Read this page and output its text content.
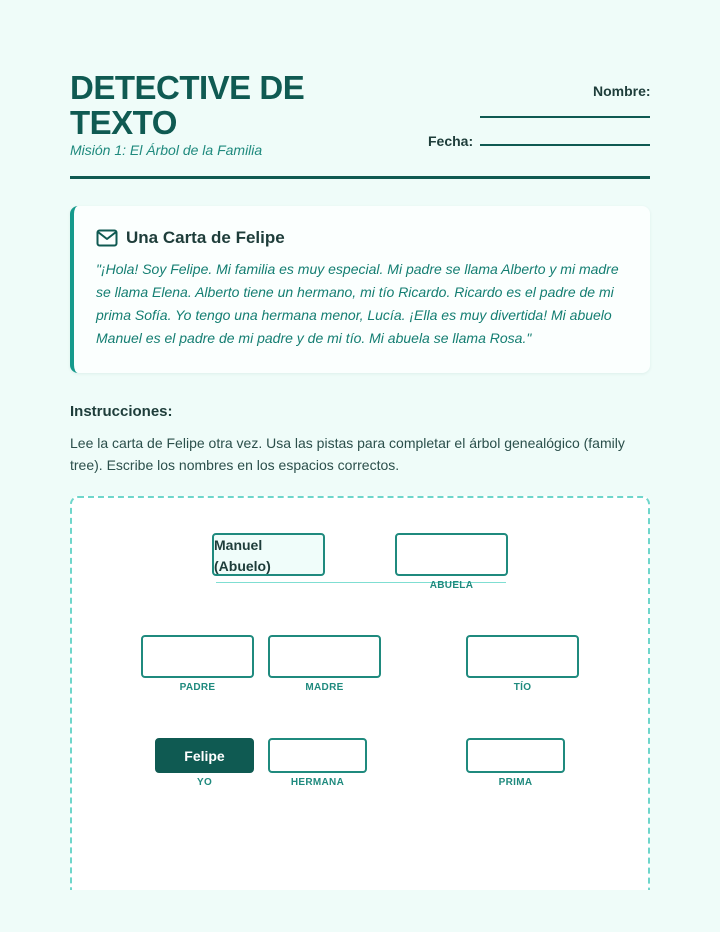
DETECTIVE DE TEXTO
Misión 1: El Árbol de la Familia
Nombre:
Fecha:
Una Carta de Felipe
"¡Hola! Soy Felipe. Mi familia es muy especial. Mi padre se llama Alberto y mi madre se llama Elena. Alberto tiene un hermano, mi tío Ricardo. Ricardo es el padre de mi prima Sofía. Yo tengo una hermana menor, Lucía. ¡Ella es muy divertida! Mi abuelo Manuel es el padre de mi padre y de mi tío. Mi abuela se llama Rosa."
Instrucciones:
Lee la carta de Felipe otra vez. Usa las pistas para completar el árbol genealógico (family tree). Escribe los nombres en los espacios correctos.
Manuel
(Abuelo)
ABUELA
PADRE	MADRE	TÍO
Felipe
YO	HERMANA	PRIMA
